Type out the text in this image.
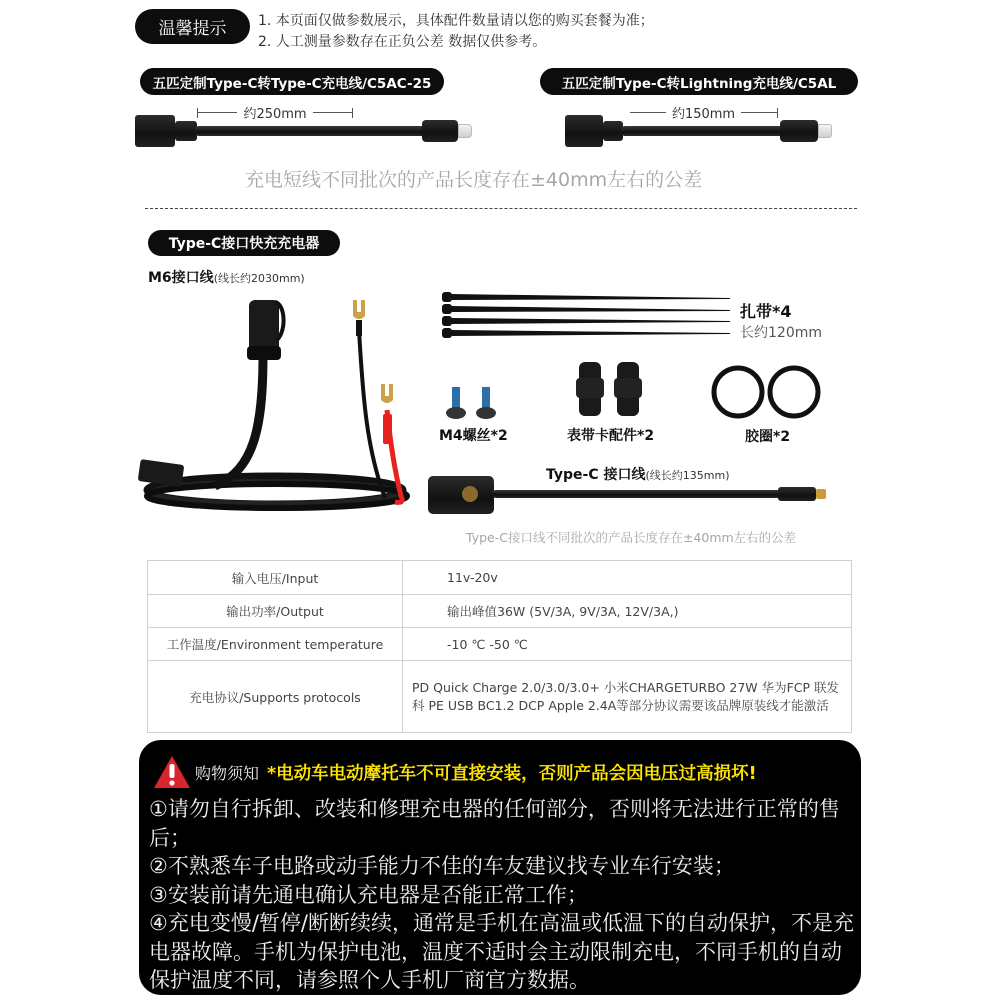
温馨提示	1. 本页面仅做参数展示，具体配件数量请以您的购买套餐为准；
2. 人工测量参数存在正负公差 数据仅供参考。
五匹定制Type-C转Type-C充电线/C5AC-25
约250mm
五匹定制Type-C转Lightning充电线/C5AL
约150mm
充电短线不同批次的产品长度存在±40mm左右的公差
Type-C接口快充充电器
M6接口线(线长约2030mm)
扎带*4
长约120mm
M4螺丝*2	表带卡配件*2	胶圈*2
Type-C 接口线(线长约135mm)
Type-C接口线不同批次的产品长度存在±40mm左右的公差
输入电压/Input	11v-20v
输出功率/Output	输出峰值36W (5V/3A, 9V/3A, 12V/3A,)
工作温度/Environment temperature	-10 ℃ -50 ℃
充电协议/Supports protocols	PD Quick Charge 2.0/3.0/3.0+ 小米CHARGETURBO 27W 华为FCP 联发科 PE USB BC1.2 DCP Apple 2.4A等部分协议需要该品牌原装线才能激活
购物须知 *电动车电动摩托车不可直接安装，否则产品会因电压过高损坏!
①请勿自行拆卸、改装和修理充电器的任何部分，否则将无法进行正常的售后；
②不熟悉车子电路或动手能力不佳的车友建议找专业车行安装；
③安装前请先通电确认充电器是否能正常工作；
④充电变慢/暂停/断断续续，通常是手机在高温或低温下的自动保护，不是充电器故障。手机为保护电池，温度不适时会主动限制充电，不同手机的自动保护温度不同，请参照个人手机厂商官方数据。
